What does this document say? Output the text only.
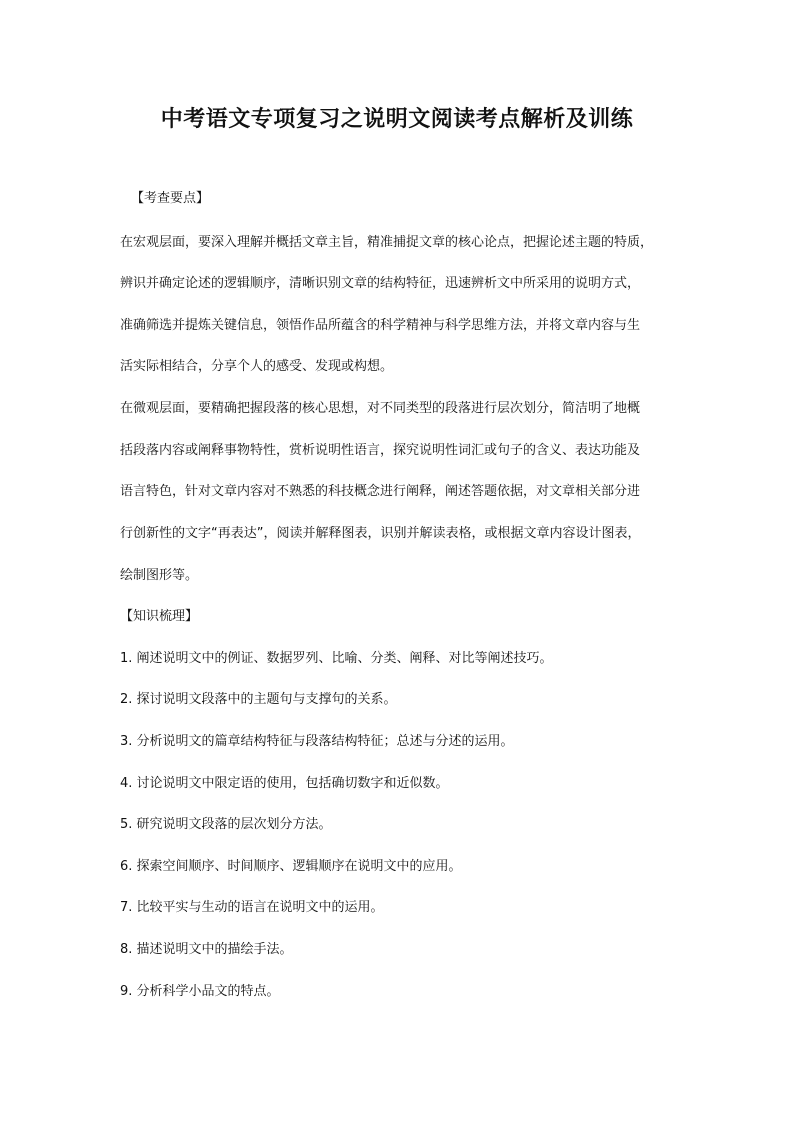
中考语文专项复习之说明文阅读考点解析及训练
【考查要点】
在宏观层面，要深入理解并概括文章主旨，精准捕捉文章的核心论点，把握论述主题的特质，
辨识并确定论述的逻辑顺序，清晰识别文章的结构特征，迅速辨析文中所采用的说明方式，
准确筛选并提炼关键信息，领悟作品所蕴含的科学精神与科学思维方法，并将文章内容与生
活实际相结合，分享个人的感受、发现或构想。
在微观层面，要精确把握段落的核心思想，对不同类型的段落进行层次划分，简洁明了地概
括段落内容或阐释事物特性，赏析说明性语言，探究说明性词汇或句子的含义、表达功能及
语言特色，针对文章内容对不熟悉的科技概念进行阐释，阐述答题依据，对文章相关部分进
行创新性的文字“再表达”，阅读并解释图表，识别并解读表格，或根据文章内容设计图表，
绘制图形等。
【知识梳理】
1. 阐述说明文中的例证、数据罗列、比喻、分类、阐释、对比等阐述技巧。
2. 探讨说明文段落中的主题句与支撑句的关系。
3. 分析说明文的篇章结构特征与段落结构特征；总述与分述的运用。
4. 讨论说明文中限定语的使用，包括确切数字和近似数。
5. 研究说明文段落的层次划分方法。
6. 探索空间顺序、时间顺序、逻辑顺序在说明文中的应用。
7. 比较平实与生动的语言在说明文中的运用。
8. 描述说明文中的描绘手法。
9. 分析科学小品文的特点。
